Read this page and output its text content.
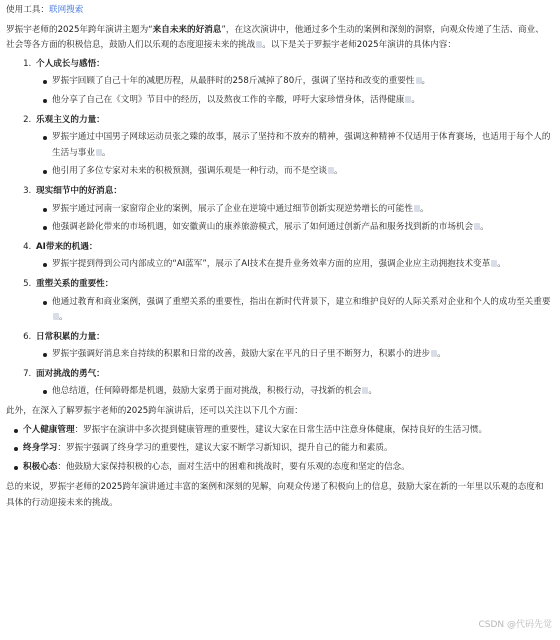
使用工具：联网搜索

罗振宇老师的2025年跨年演讲主题为“来自未来的好消息”，在这次演讲中，他通过多个生动的案例和深刻的洞察，向观众传递了生活、商业、社会等各方面的积极信息，鼓励人们以乐观的态度迎接未来的挑战 。以下是关于罗振宇老师2025年演讲的具体内容：

1. 个人成长与感悟：
罗振宇回顾了自己十年的减肥历程，从最胖时的258斤减掉了80斤，强调了坚持和改变的重要性 。
他分享了自己在《文明》节目中的经历，以及熬夜工作的辛酸，呼吁大家珍惜身体，活得健康 。
2. 乐观主义的力量：
罗振宇通过中国男子网球运动员张之臻的故事，展示了坚持和不放弃的精神，强调这种精神不仅适用于体育赛场，也适用于每个人的生活与事业 。
他引用了多位专家对未来的积极预测，强调乐观是一种行动，而不是空谈 。
3. 现实细节中的好消息：
罗振宇通过河南一家窗帘企业的案例，展示了企业在逆境中通过细节创新实现逆势增长的可能性 。
他强调老龄化带来的市场机遇，如安徽黄山的康养旅游模式，展示了如何通过创新产品和服务找到新的市场机会 。
4. AI带来的机遇：
罗振宇提到得到公司内部成立的“AI蓝军”，展示了AI技术在提升业务效率方面的应用，强调企业应主动拥抱技术变革 。
5. 重塑关系的重要性：
他通过教育和商业案例，强调了重塑关系的重要性，指出在新时代背景下，建立和维护良好的人际关系对企业和个人的成功至关重要。
6. 日常积累的力量：
罗振宇强调好消息来自持续的积累和日常的改善，鼓励大家在平凡的日子里不断努力，积累小的进步 。
7. 面对挑战的勇气：
他总结道，任何障碍都是机遇，鼓励大家勇于面对挑战，积极行动，寻找新的机会 。

此外，在深入了解罗振宇老师的2025跨年演讲后，还可以关注以下几个方面：

个人健康管理：罗振宇在演讲中多次提到健康管理的重要性，建议大家在日常生活中注意身体健康，保持良好的生活习惯。
终身学习：罗振宇强调了终身学习的重要性，建议大家不断学习新知识，提升自己的能力和素质。
积极心态：他鼓励大家保持积极的心态，面对生活中的困难和挑战时，要有乐观的态度和坚定的信念。

总的来说，罗振宇老师的2025跨年演讲通过丰富的案例和深刻的见解，向观众传递了积极向上的信息，鼓励大家在新的一年里以乐观的态度和具体的行动迎接未来的挑战。

CSDN @代码先觉
